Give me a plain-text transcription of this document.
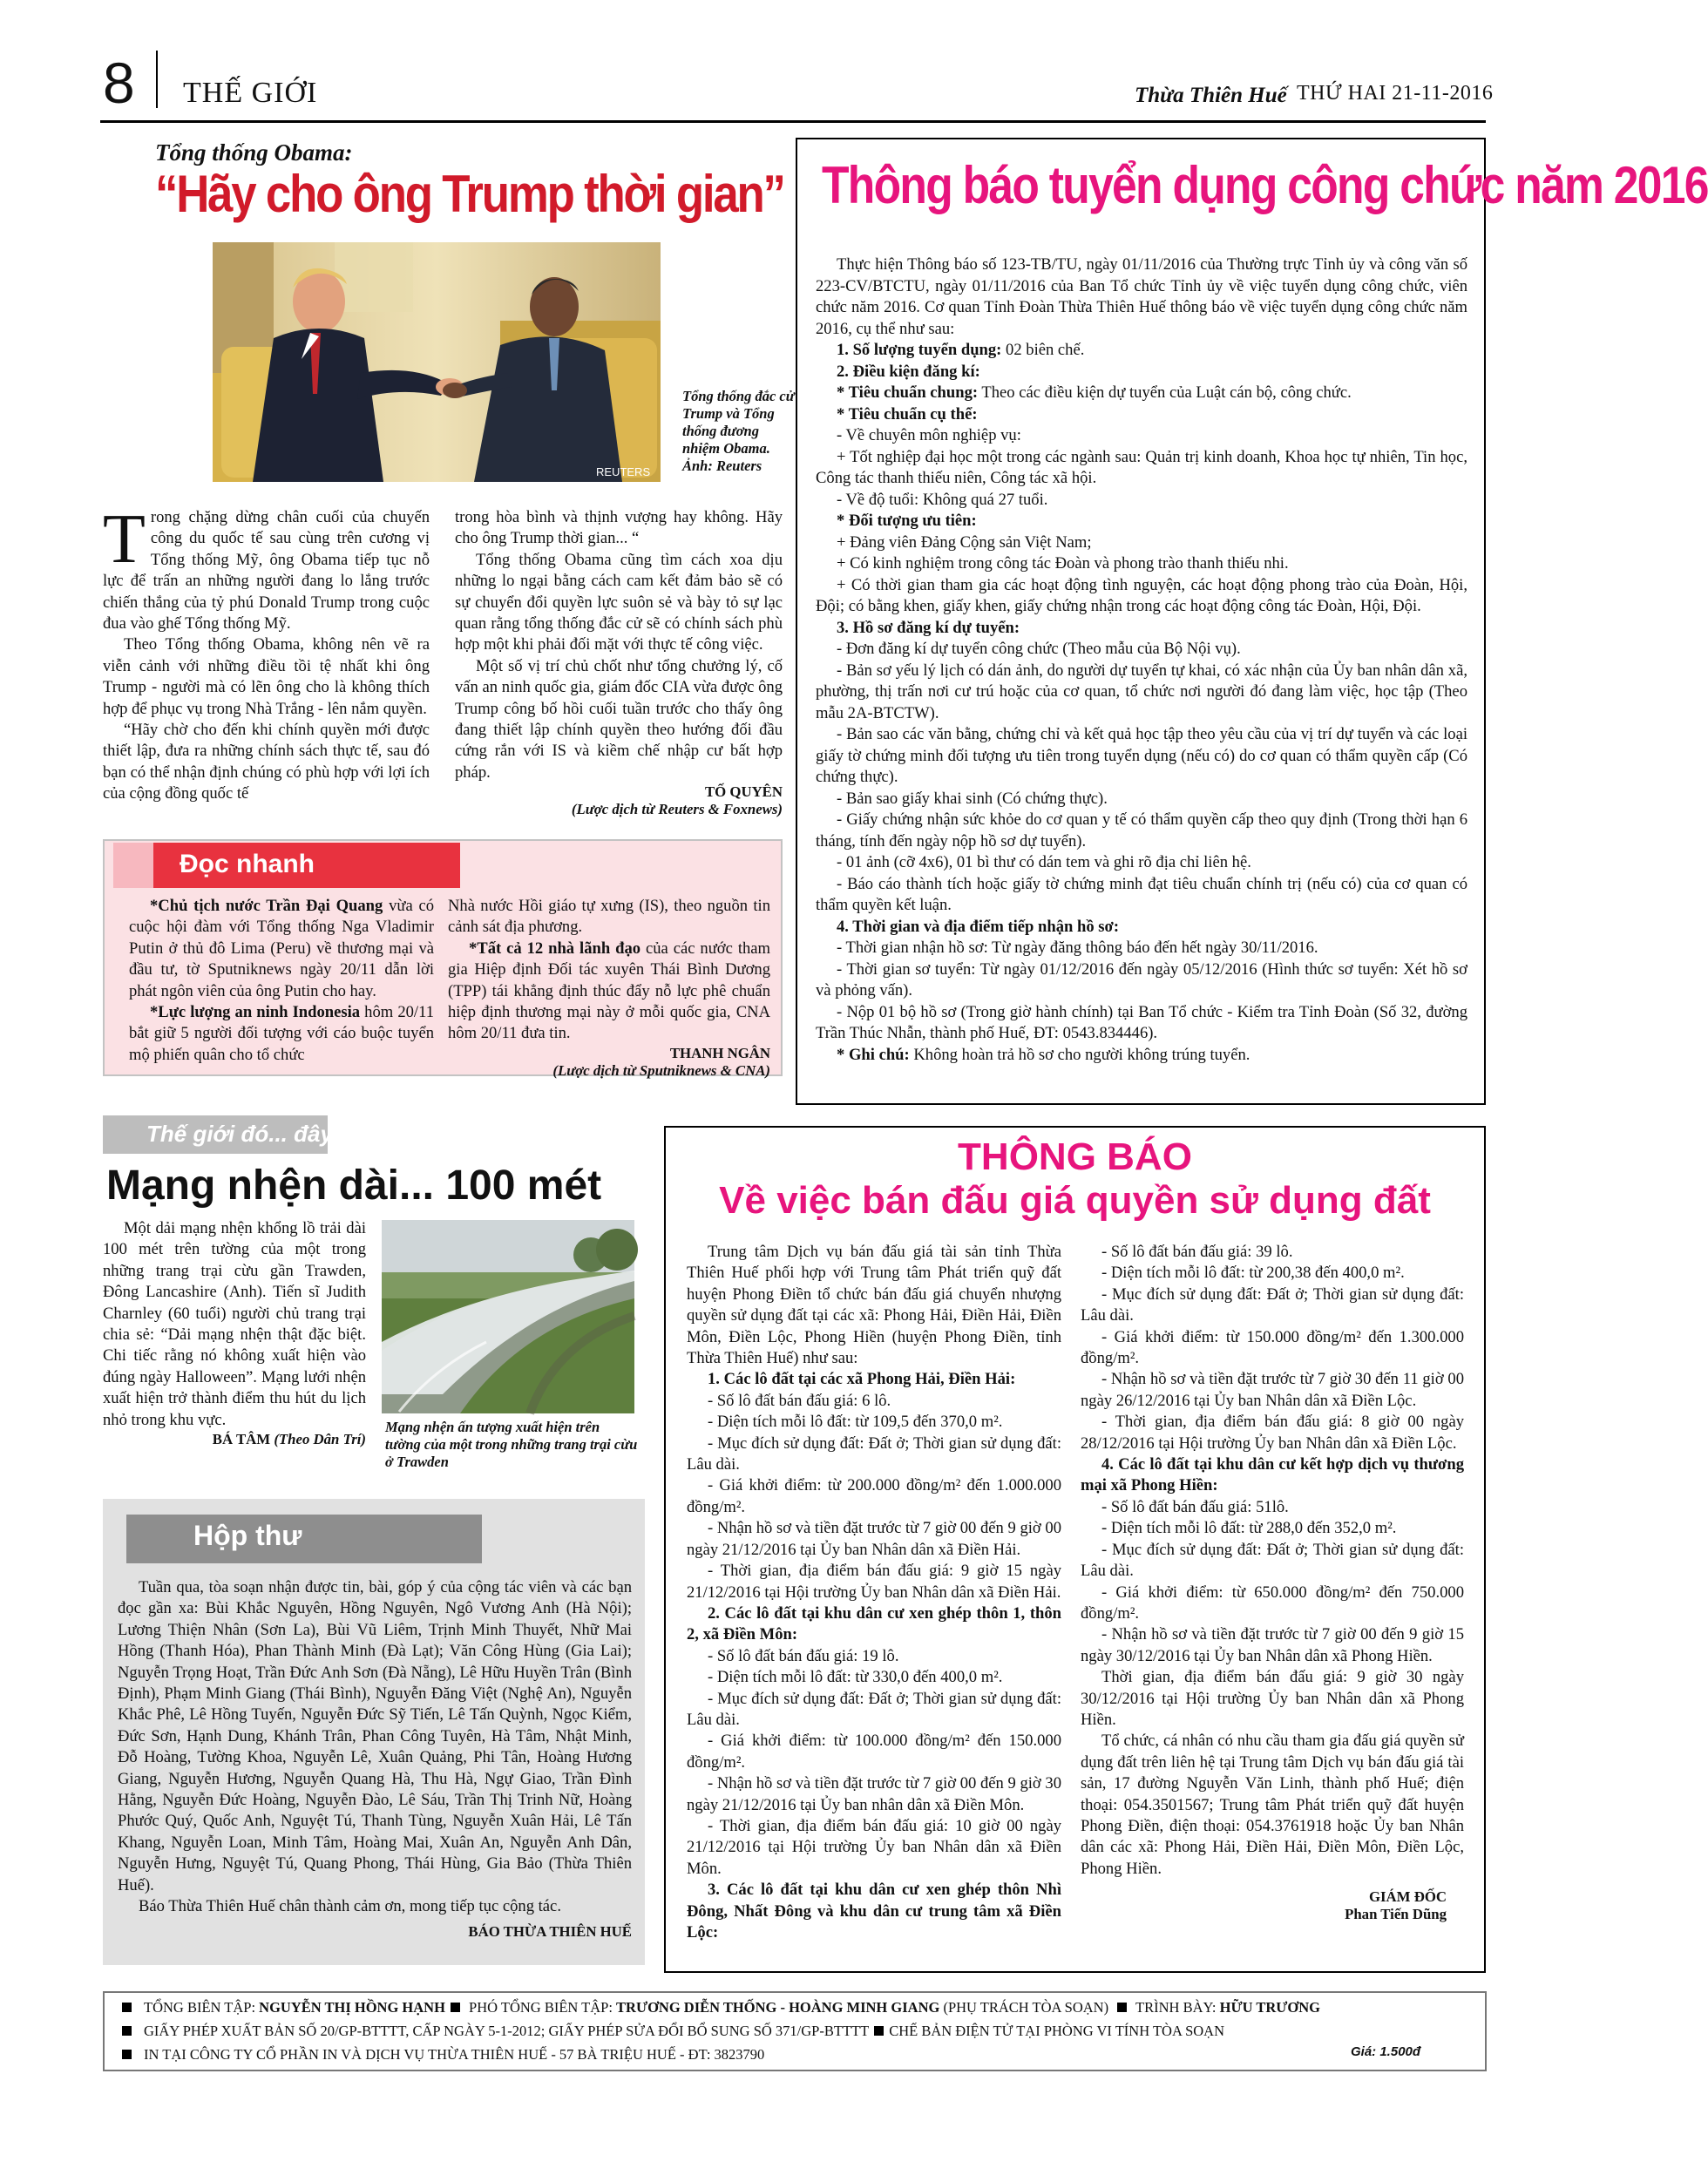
8 THẾ GIỚI	Thừa Thiên Huế THỨ HAI 21-11-2016
Tổng thống Obama:
“Hãy cho ông Trump thời gian”
REUTERS
Tổng thống đắc cử Trump và Tổng thống đương nhiệm Obama. Ảnh: Reuters

Trong chặng dừng chân cuối của chuyến công du quốc tế sau cùng trên cương vị Tổng thống Mỹ, ông Obama tiếp tục nỗ lực để trấn an những người đang lo lắng trước chiến thắng của tỷ phú Donald Trump trong cuộc đua vào ghế Tổng thống Mỹ.

Theo Tổng thống Obama, không nên vẽ ra viễn cảnh với những điều tồi tệ nhất khi ông Trump - người mà có lẽn ông cho là không thích hợp để phục vụ trong Nhà Trắng - lên nắm quyền.

“Hãy chờ cho đến khi chính quyền mới được thiết lập, đưa ra những chính sách thực tế, sau đó bạn có thể nhận định chúng có phù hợp với lợi ích của cộng đồng quốc tế

trong hòa bình và thịnh vượng hay không. Hãy cho ông Trump thời gian... “

Tổng thống Obama cũng tìm cách xoa dịu những lo ngại bằng cách cam kết đảm bảo sẽ có sự chuyển đổi quyền lực suôn sẻ và bày tỏ sự lạc quan rằng tổng thống đắc cử sẽ có chính sách phù hợp một khi phải đối mặt với thực tế công việc.

Một số vị trí chủ chốt như tổng chưởng lý, cố vấn an ninh quốc gia, giám đốc CIA vừa được ông Trump công bố hồi cuối tuần trước cho thấy ông đang thiết lập chính quyền theo hướng đối đầu cứng rắn với IS và kiềm chế nhập cư bất hợp pháp.

TỐ QUYÊN

(Lược dịch từ Reuters & Foxnews)

Đọc nhanh

*Chủ tịch nước Trần Đại Quang vừa có cuộc hội đàm với Tổng thống Nga Vladimir Putin ở thủ đô Lima (Peru) về thương mại và đầu tư, tờ Sputniknews ngày 20/11 dẫn lời phát ngôn viên của ông Putin cho hay.

*Lực lượng an ninh Indonesia hôm 20/11 bắt giữ 5 người đối tượng với cáo buộc tuyển mộ phiến quân cho tổ chức

Nhà nước Hồi giáo tự xưng (IS), theo nguồn tin cảnh sát địa phương.

*Tất cả 12 nhà lãnh đạo của các nước tham gia Hiệp định Đối tác xuyên Thái Bình Dương (TPP) tái khẳng định thúc đẩy nỗ lực phê chuẩn hiệp định thương mại này ở mỗi quốc gia, CNA hôm 20/11 đưa tin.

THANH NGÂN

(Lược dịch từ Sputniknews & CNA)

Thông báo tuyển dụng công chức năm 2016

Thực hiện Thông báo số 123-TB/TU, ngày 01/11/2016 của Thường trực Tỉnh ủy và công văn số 223-CV/BTCTU, ngày 01/11/2016 của Ban Tổ chức Tỉnh ủy về việc tuyển dụng công chức, viên chức năm 2016. Cơ quan Tỉnh Đoàn Thừa Thiên Huế thông báo về việc tuyển dụng công chức năm 2016, cụ thể như sau:

1. Số lượng tuyển dụng: 02 biên chế.

2. Điều kiện đăng kí:

* Tiêu chuẩn chung: Theo các điều kiện dự tuyển của Luật cán bộ, công chức.

* Tiêu chuẩn cụ thể:

- Về chuyên môn nghiệp vụ:

+ Tốt nghiệp đại học một trong các ngành sau: Quản trị kinh doanh, Khoa học tự nhiên, Tin học, Công tác thanh thiếu niên, Công tác xã hội.

- Về độ tuổi: Không quá 27 tuổi.

* Đối tượng ưu tiên:

+ Đảng viên Đảng Cộng sản Việt Nam;

+ Có kinh nghiệm trong công tác Đoàn và phong trào thanh thiếu nhi.

+ Có thời gian tham gia các hoạt động tình nguyện, các hoạt động phong trào của Đoàn, Hội, Đội; có bằng khen, giấy khen, giấy chứng nhận trong các hoạt động công tác Đoàn, Hội, Đội.

3. Hồ sơ đăng kí dự tuyển:

- Đơn đăng kí dự tuyển công chức (Theo mẫu của Bộ Nội vụ).

- Bản sơ yếu lý lịch có dán ảnh, do người dự tuyển tự khai, có xác nhận của Ủy ban nhân dân xã, phường, thị trấn nơi cư trú hoặc của cơ quan, tổ chức nơi người đó đang làm việc, học tập (Theo mẫu 2A-BTCTW).

- Bản sao các văn bằng, chứng chỉ và kết quả học tập theo yêu cầu của vị trí dự tuyển và các loại giấy tờ chứng minh đối tượng ưu tiên trong tuyển dụng (nếu có) do cơ quan có thẩm quyền cấp (Có chứng thực).

- Bản sao giấy khai sinh (Có chứng thực).

- Giấy chứng nhận sức khỏe do cơ quan y tế có thẩm quyền cấp theo quy định (Trong thời hạn 6 tháng, tính đến ngày nộp hồ sơ dự tuyển).

- 01 ảnh (cỡ 4x6), 01 bì thư có dán tem và ghi rõ địa chỉ liên hệ.

- Báo cáo thành tích hoặc giấy tờ chứng minh đạt tiêu chuẩn chính trị (nếu có) của cơ quan có thẩm quyền kết luận.

4. Thời gian và địa điểm tiếp nhận hồ sơ:

- Thời gian nhận hồ sơ: Từ ngày đăng thông báo đến hết ngày 30/11/2016.

- Thời gian sơ tuyển: Từ ngày 01/12/2016 đến ngày 05/12/2016 (Hình thức sơ tuyển: Xét hồ sơ và phỏng vấn).

- Nộp 01 bộ hồ sơ (Trong giờ hành chính) tại Ban Tổ chức - Kiểm tra Tỉnh Đoàn (Số 32, đường Trần Thúc Nhẫn, thành phố Huế, ĐT: 0543.834446).

* Ghi chú: Không hoàn trả hồ sơ cho người không trúng tuyển.

Thế giới đó... đây
Mạng nhện dài... 100 mét

Một dải mạng nhện khổng lồ trải dài 100 mét trên tường của một trong những trang trại cừu gần Trawden, Đông Lancashire (Anh). Tiến sĩ Judith Charnley (60 tuổi) người chủ trang trại chia sẻ: “Dải mạng nhện thật đặc biệt. Chi tiếc rằng nó không xuất hiện vào đúng ngày Halloween”. Mạng lưới nhện xuất hiện trở thành điểm thu hút du lịch nhỏ trong khu vực.

BÁ TÂM (Theo Dân Trí)

Mạng nhện ấn tượng xuất hiện trên tường của một trong những trang trại cừu ở Trawden
Hộp thư

Tuần qua, tòa soạn nhận được tin, bài, góp ý của cộng tác viên và các bạn đọc gần xa: Bùi Khắc Nguyên, Hồng Nguyên, Ngô Vương Anh (Hà Nội); Lương Thiện Nhân (Sơn La), Bùi Vũ Liêm, Trịnh Minh Thuyết, Nhữ Mai Hồng (Thanh Hóa), Phan Thành Minh (Đà Lạt); Văn Công Hùng (Gia Lai); Nguyễn Trọng Hoạt, Trần Đức Anh Sơn (Đà Nẵng), Lê Hữu Huyền Trân (Bình Định), Phạm Minh Giang (Thái Bình), Nguyễn Đăng Việt (Nghệ An), Nguyễn Khắc Phê, Lê Hồng Tuyến, Nguyễn Đức Sỹ Tiến, Lê Tấn Quỳnh, Ngọc Kiểm, Đức Sơn, Hạnh Dung, Khánh Trân, Phan Công Tuyên, Hà Tâm, Nhật Minh, Đỗ Hoàng, Tường Khoa, Nguyễn Lê, Xuân Quảng, Phi Tân, Hoàng Hương Giang, Nguyễn Hương, Nguyễn Quang Hà, Thu Hà, Ngự Giao, Trần Đình Hằng, Nguyễn Đức Hoàng, Nguyễn Đào, Lê Sáu, Trần Thị Trinh Nữ, Hoàng Phước Quý, Quốc Anh, Nguyệt Tú, Thanh Tùng, Nguyễn Xuân Hải, Lê Tấn Khang, Nguyễn Loan, Minh Tâm, Hoàng Mai, Xuân An, Nguyễn Anh Dân, Nguyễn Hưng, Nguyệt Tú, Quang Phong, Thái Hùng, Gia Bảo (Thừa Thiên Huế).

Báo Thừa Thiên Huế chân thành cảm ơn, mong tiếp tục cộng tác.

BÁO THỪA THIÊN HUẾ

THÔNG BÁO
Về việc bán đấu giá quyền sử dụng đất

Trung tâm Dịch vụ bán đấu giá tài sản tỉnh Thừa Thiên Huế phối hợp với Trung tâm Phát triển quỹ đất huyện Phong Điền tổ chức bán đấu giá chuyển nhượng quyền sử dụng đất tại các xã: Phong Hải, Điền Hải, Điền Môn, Điền Lộc, Phong Hiền (huyện Phong Điền, tỉnh Thừa Thiên Huế) như sau:

1. Các lô đất tại các xã Phong Hải, Điền Hải:

- Số lô đất bán đấu giá: 6 lô.

- Diện tích mỗi lô đất: từ 109,5 đến 370,0 m².

- Mục đích sử dụng đất: Đất ở; Thời gian sử dụng đất: Lâu dài.

- Giá khởi điểm: từ 200.000 đồng/m² đến 1.000.000 đồng/m².

- Nhận hồ sơ và tiền đặt trước từ 7 giờ 00 đến 9 giờ 00 ngày 21/12/2016 tại Ủy ban Nhân dân xã Điền Hải.

- Thời gian, địa điểm bán đấu giá: 9 giờ 15 ngày 21/12/2016 tại Hội trường Ủy ban Nhân dân xã Điền Hải.

2. Các lô đất tại khu dân cư xen ghép thôn 1, thôn 2, xã Điền Môn:

- Số lô đất bán đấu giá: 19 lô.

- Diện tích mỗi lô đất: từ 330,0 đến 400,0 m².

- Mục đích sử dụng đất: Đất ở; Thời gian sử dụng đất: Lâu dài.

- Giá khởi điểm: từ 100.000 đồng/m² đến 150.000 đồng/m².

- Nhận hồ sơ và tiền đặt trước từ 7 giờ 00 đến 9 giờ 30 ngày 21/12/2016 tại Ủy ban nhân dân xã Điền Môn.

- Thời gian, địa điểm bán đấu giá: 10 giờ 00 ngày 21/12/2016 tại Hội trường Ủy ban Nhân dân xã Điền Môn.

3. Các lô đất tại khu dân cư xen ghép thôn Nhì Đông, Nhất Đông và khu dân cư trung tâm xã Điền Lộc:

- Số lô đất bán đấu giá: 39 lô.

- Diện tích mỗi lô đất: từ 200,38 đến 400,0 m².

- Mục đích sử dụng đất: Đất ở; Thời gian sử dụng đất: Lâu dài.

- Giá khởi điểm: từ 150.000 đồng/m² đến 1.300.000 đồng/m².

- Nhận hồ sơ và tiền đặt trước từ 7 giờ 30 đến 11 giờ 00 ngày 26/12/2016 tại Ủy ban Nhân dân xã Điền Lộc.

- Thời gian, địa điểm bán đấu giá: 8 giờ 00 ngày 28/12/2016 tại Hội trường Ủy ban Nhân dân xã Điền Lộc.

4. Các lô đất tại khu dân cư kết hợp dịch vụ thương mại xã Phong Hiền:

- Số lô đất bán đấu giá: 51lô.

- Diện tích mỗi lô đất: từ 288,0 đến 352,0 m².

- Mục đích sử dụng đất: Đất ở; Thời gian sử dụng đất: Lâu dài.

- Giá khởi điểm: từ 650.000 đồng/m² đến 750.000 đồng/m².

- Nhận hồ sơ và tiền đặt trước từ 7 giờ 00 đến 9 giờ 15 ngày 30/12/2016 tại Ủy ban Nhân dân xã Phong Hiền.

Thời gian, địa điểm bán đấu giá: 9 giờ 30 ngày 30/12/2016 tại Hội trường Ủy ban Nhân dân xã Phong Hiền.

Tổ chức, cá nhân có nhu cầu tham gia đấu giá quyền sử dụng đất trên liên hệ tại Trung tâm Dịch vụ bán đấu giá tài sản, 17 đường Nguyễn Văn Linh, thành phố Huế; điện thoại: 054.3501567; Trung tâm Phát triển quỹ đất huyện Phong Điền, điện thoại: 054.3761918 hoặc Ủy ban Nhân dân các xã: Phong Hải, Điền Hải, Điền Môn, Điền Lộc, Phong Hiền.

GIÁM ĐỐC

Phan Tiến Dũng

TỔNG BIÊN TẬP: NGUYỄN THỊ HỒNG HẠNH PHÓ TỔNG BIÊN TẬP: TRƯƠNG DIỄN THỐNG - HOÀNG MINH GIANG (PHỤ TRÁCH TÒA SOẠN)  TRÌNH BÀY: HỮU TRƯƠNG
GIẤY PHÉP XUẤT BẢN SỐ 20/GP-BTTTT, CẤP NGÀY 5-1-2012; GIẤY PHÉP SỬA ĐỔI BỔ SUNG SỐ 371/GP-BTTTT CHẾ BẢN ĐIỆN TỬ TẠI PHÒNG VI TÍNH TÒA SOẠN
IN TẠI CÔNG TY CỔ PHẦN IN VÀ DỊCH VỤ THỪA THIÊN HUẾ - 57 BÀ TRIỆU HUẾ - ĐT: 3823790	Giá: 1.500đ
